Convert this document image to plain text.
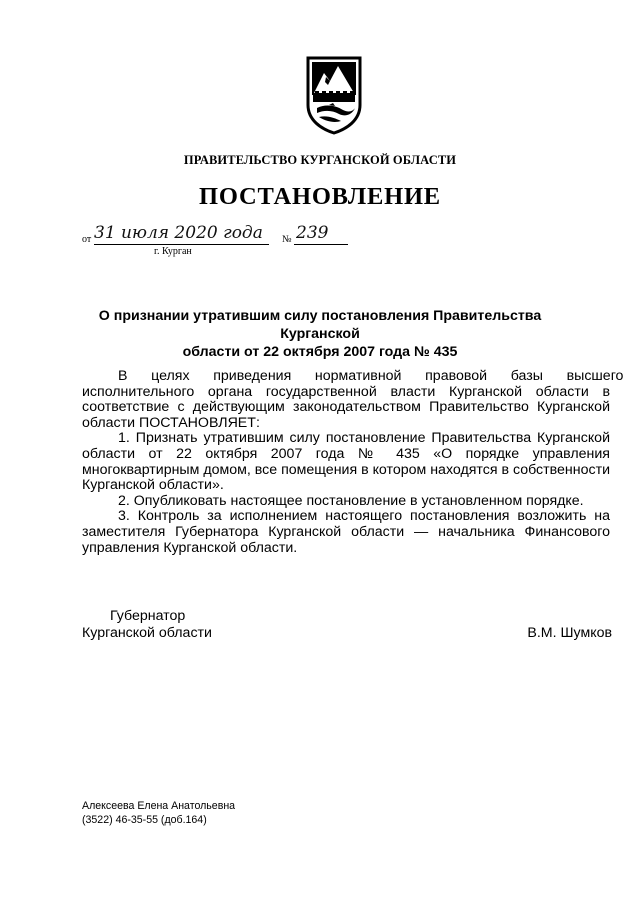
ПРАВИТЕЛЬСТВО КУРГАНСКОЙ ОБЛАСТИ
ПОСТАНОВЛЕНИЕ
от 31 июля 2020 года № 239
г. Курган
О признании утратившим силу постановления Правительства Курганской
области от 22 октября 2007 года № 435

В      целях      приведения      нормативной      правовой      базы      высшего

исполнительного органа государственной власти Курганской области в

соответствие с действующим законодательством Правительство Курганской

области ПОСТАНОВЛЯЕТ:

1. Признать утратившим силу постановление Правительства Курганской

области от 22 октября 2007 года № 435 «О порядке управления

многоквартирным домом, все помещения в котором находятся в собственности

Курганской области».

2. Опубликовать настоящее постановление в установленном порядке.

3. Контроль за исполнением настоящего постановления возложить на

заместителя Губернатора Курганской области — начальника Финансового

управления Курганской области.

Губернатор
Курганской области	В.М. Шумков
Алексеева Елена Анатольевна
(3522) 46-35-55 (доб.164)
